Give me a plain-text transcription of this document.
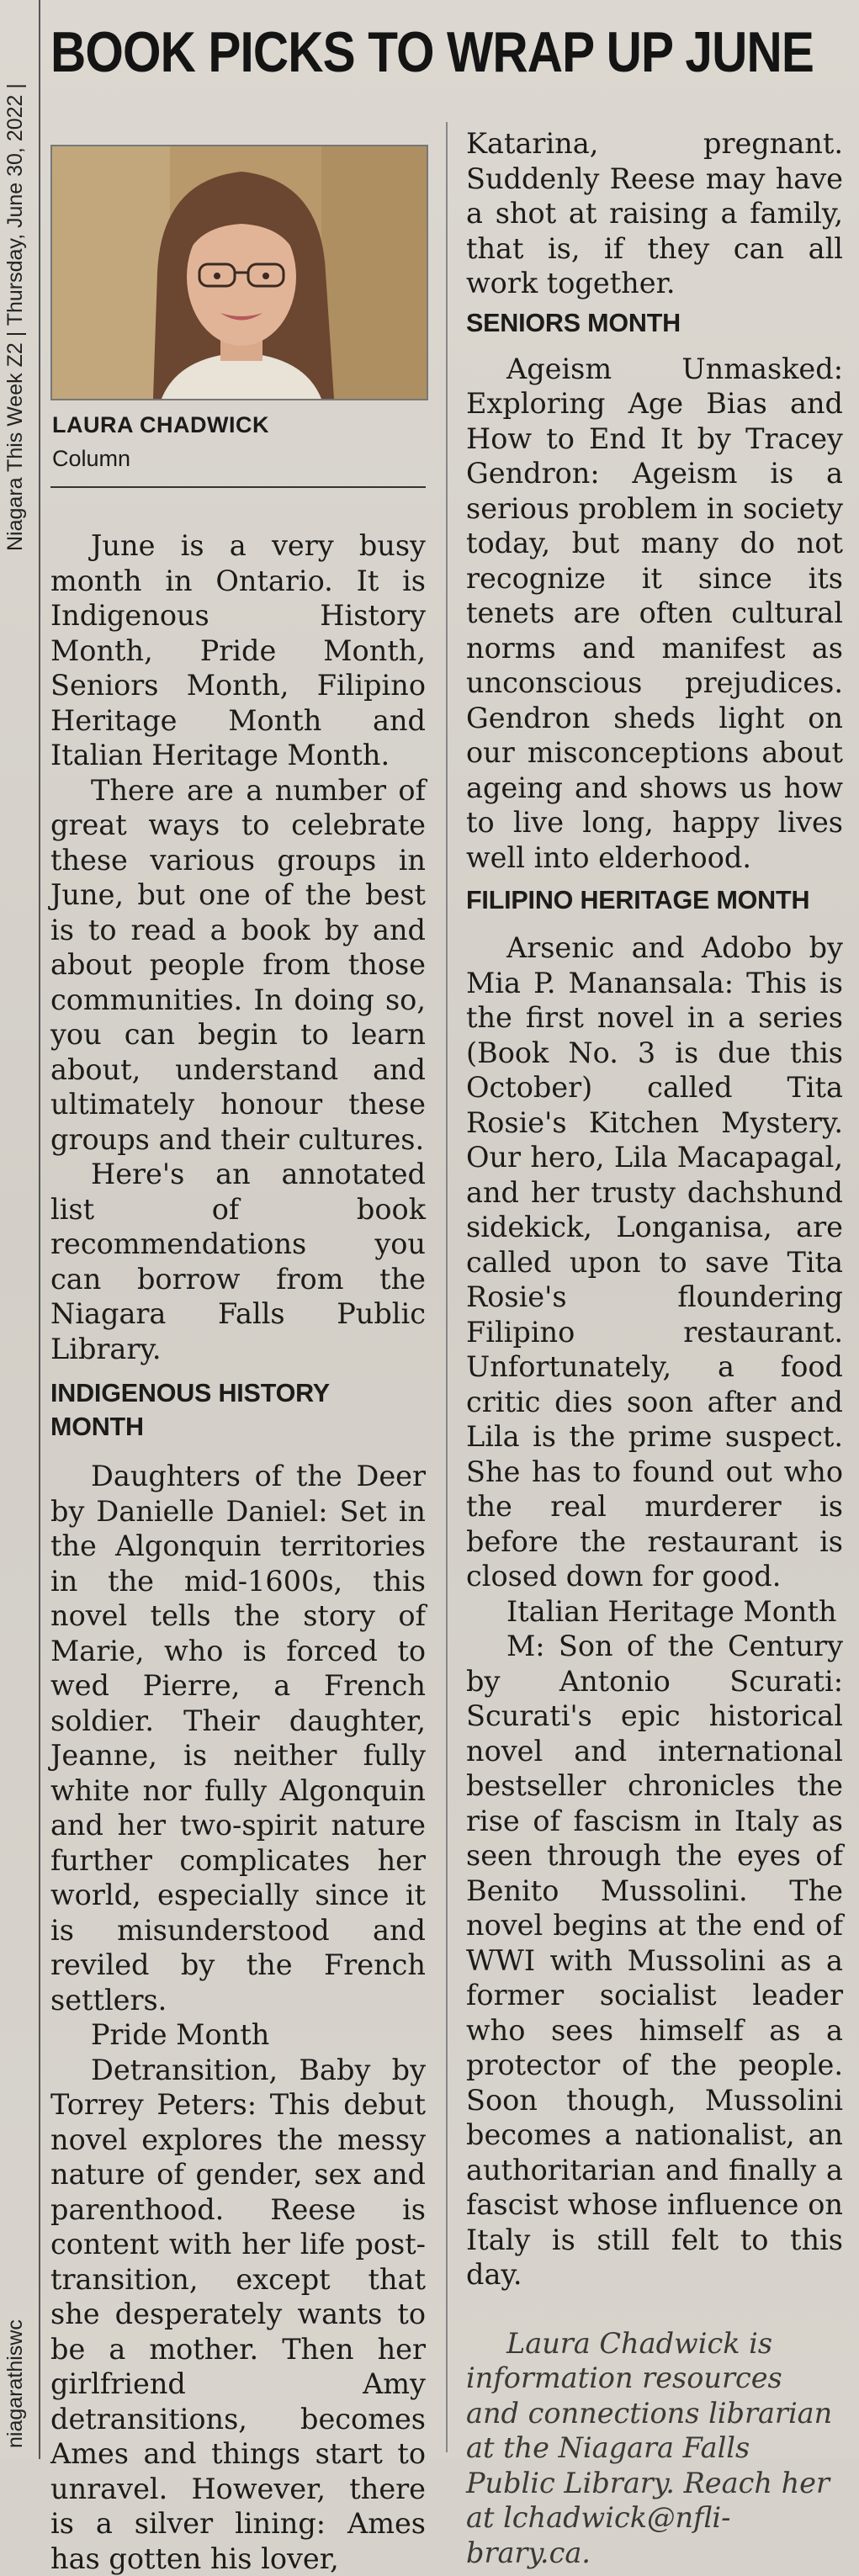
Niagara This Week Z2 | Thursday, June 30, 2022 |
niagarathiswc
BOOK PICKS TO WRAP UP JUNE
LAURA CHADWICK
Column

June is a very busy month in Ontario. It is Indigenous History Month, Pride Month, Seniors Month, Filipino Heritage Month and Italian Heritage Month.

There are a number of great ways to celebrate these various groups in June, but one of the best is to read a book by and about people from those communities. In doing so, you can begin to learn about, understand and ultimately honour these groups and their cultures.

Here's an annotated list of book recommendations you can borrow from the Niagara Falls Public Library.

INDIGENOUS HISTORY MONTH

Daughters of the Deer by Danielle Daniel: Set in the Algonquin territories in the mid-1600s, this novel tells the story of Marie, who is forced to wed Pierre, a French soldier. Their daughter, Jeanne, is neither fully white nor fully Algonquin and her two-spirit nature further complicates her world, especially since it is misunderstood and reviled by the French settlers.

Pride Month

Detransition, Baby by Torrey Peters: This debut novel explores the messy nature of gender, sex and parenthood. Reese is content with her life post-transition, except that she desperately wants to be a mother. Then her girlfriend Amy detransitions, becomes Ames and things start to unravel. However, there is a silver lining: Ames has gotten his lover,

Katarina, pregnant. Suddenly Reese may have a shot at raising a family, that is, if they can all work together.

SENIORS MONTH

Ageism Unmasked: Exploring Age Bias and How to End It by Tracey Gendron: Ageism is a serious problem in society today, but many do not recognize it since its tenets are often cultural norms and manifest as unconscious prejudices. Gendron sheds light on our misconceptions about ageing and shows us how to live long, happy lives well into elderhood.

FILIPINO HERITAGE MONTH

Arsenic and Adobo by Mia P. Manansala: This is the first novel in a series (Book No. 3 is due this October) called Tita Rosie's Kitchen Mystery. Our hero, Lila Macapagal, and her trusty dachshund sidekick, Longanisa, are called upon to save Tita Rosie's floundering Filipino restaurant. Unfortunately, a food critic dies soon after and Lila is the prime suspect. She has to found out who the real murderer is before the restaurant is closed down for good.

Italian Heritage Month

M: Son of the Century by Antonio Scurati: Scurati's epic historical novel and international bestseller chronicles the rise of fascism in Italy as seen through the eyes of Benito Mussolini. The novel begins at the end of WWI with Mussolini as a former socialist leader who sees himself as a protector of the people. Soon though, Mussolini becomes a nationalist, an authoritarian and finally a fascist whose influence on Italy is still felt to this day.

Laura Chadwick is information resources and connections librarian at the Niagara Falls Public Library. Reach her at lchadwick@nfli-brary.ca.
